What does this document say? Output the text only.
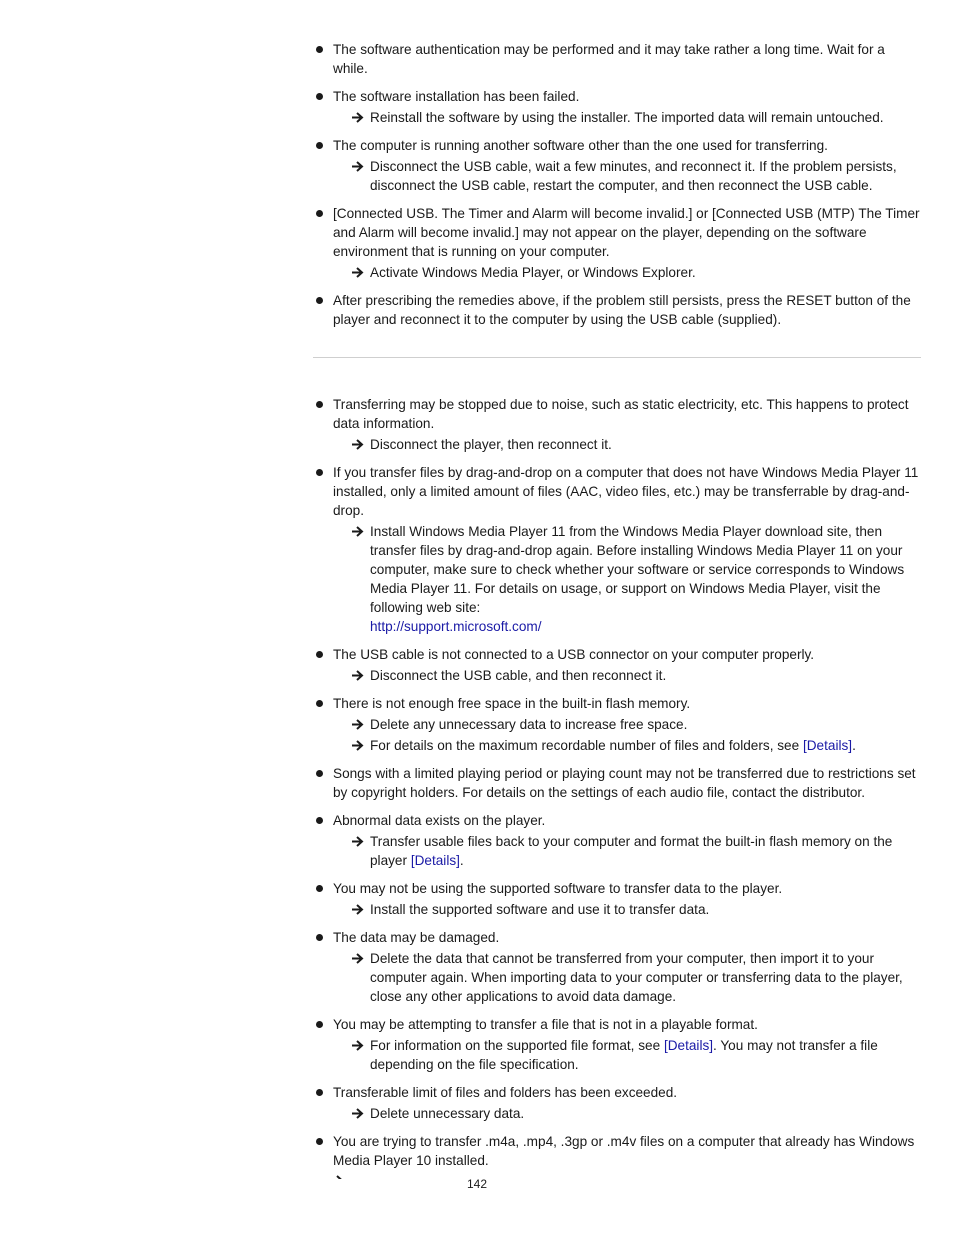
The software authentication may be performed and it may take rather a long time. Wait for a while.
The software installation has been failed.
Reinstall the software by using the installer. The imported data will remain untouched.
The computer is running another software other than the one used for transferring.
Disconnect the USB cable, wait a few minutes, and reconnect it. If the problem persists, disconnect the USB cable, restart the computer, and then reconnect the USB cable.
[Connected USB. The Timer and Alarm will become invalid.] or [Connected USB (MTP) The Timer and Alarm will become invalid.] may not appear on the player, depending on the software environment that is running on your computer.
Activate Windows Media Player, or Windows Explorer.
After prescribing the remedies above, if the problem still persists, press the RESET button of the player and reconnect it to the computer by using the USB cable (supplied).
Transferring may be stopped due to noise, such as static electricity, etc. This happens to protect data information.
Disconnect the player, then reconnect it.
If you transfer files by drag-and-drop on a computer that does not have Windows Media Player 11 installed, only a limited amount of files (AAC, video files, etc.) may be transferrable by drag-and-drop.
Install Windows Media Player 11 from the Windows Media Player download site, then transfer files by drag-and-drop again. Before installing Windows Media Player 11 on your computer, make sure to check whether your software or service corresponds to Windows Media Player 11. For details on usage, or support on Windows Media Player, visit the following web site:
http://support.microsoft.com/
The USB cable is not connected to a USB connector on your computer properly.
Disconnect the USB cable, and then reconnect it.
There is not enough free space in the built-in flash memory.
Delete any unnecessary data to increase free space.
For details on the maximum recordable number of files and folders, see [Details].
Songs with a limited playing period or playing count may not be transferred due to restrictions set by copyright holders. For details on the settings of each audio file, contact the distributor.
Abnormal data exists on the player.
Transfer usable files back to your computer and format the built-in flash memory on the player [Details].
You may not be using the supported software to transfer data to the player.
Install the supported software and use it to transfer data.
The data may be damaged.
Delete the data that cannot be transferred from your computer, then import it to your computer again. When importing data to your computer or transferring data to the player, close any other applications to avoid data damage.
You may be attempting to transfer a file that is not in a playable format.
For information on the supported file format, see [Details]. You may not transfer a file depending on the file specification.
Transferable limit of files and folders has been exceeded.
Delete unnecessary data.
You are trying to transfer .m4a, .mp4, .3gp or .m4v files on a computer that already has Windows Media Player 10 installed.
142
